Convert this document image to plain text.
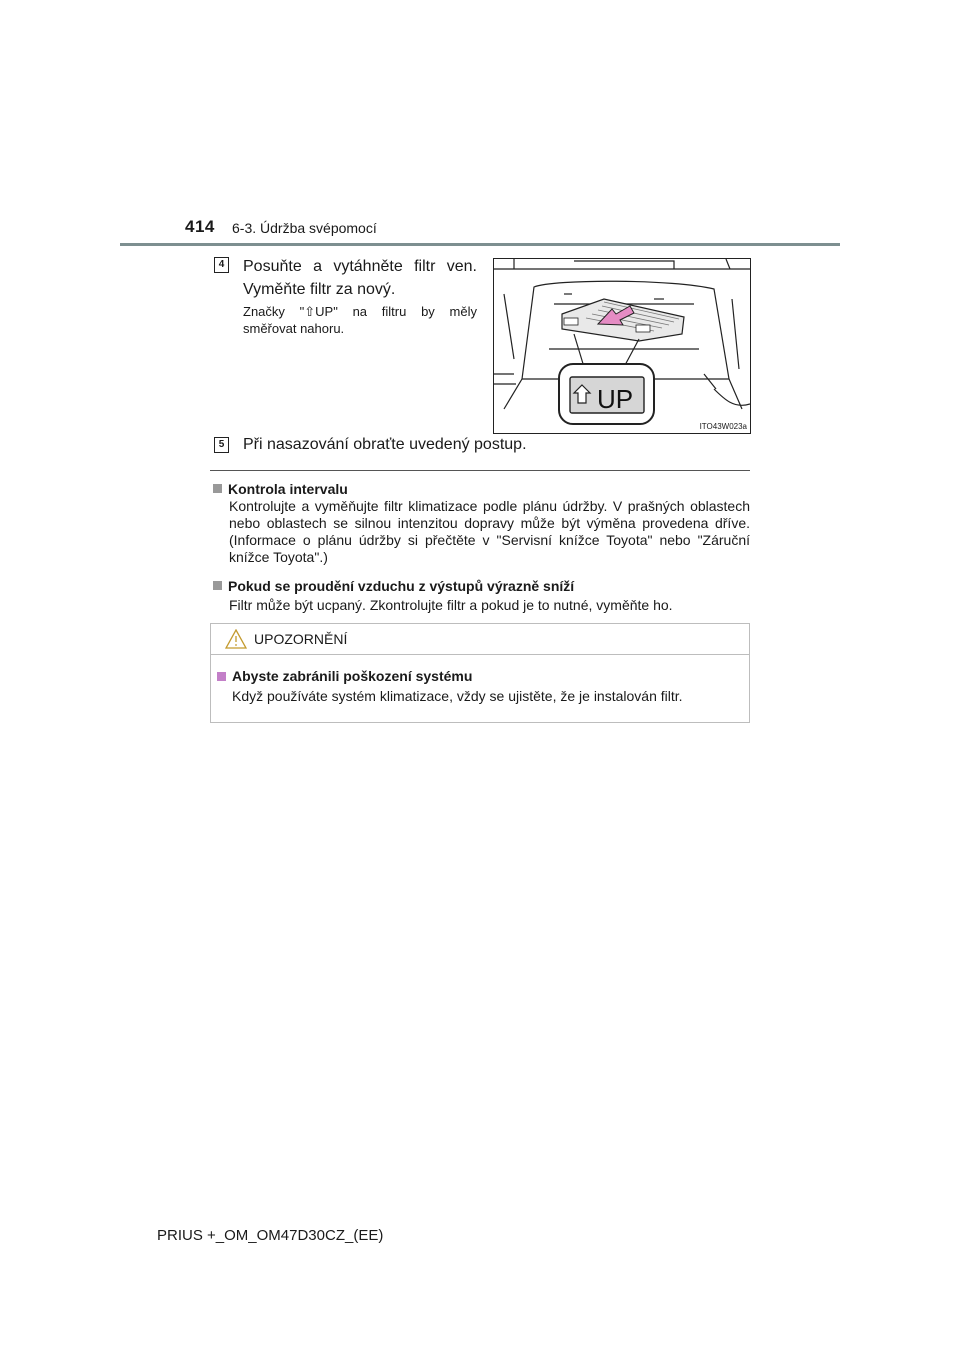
414 6-3. Údržba svépomocí
4 Posuňte a vytáhněte filtr ven. Vyměňte filtr za nový.
Značky "⇧UP" na filtru by měly směřovat nahoru.
UP
ITO43W023a
5 Při nasazování obraťte uvedený postup.
Kontrola intervalu
Kontrolujte a vyměňujte filtr klimatizace podle plánu údržby. V prašných oblastech nebo oblastech se silnou intenzitou dopravy může být výměna provedena dříve. (Informace o plánu údržby si přečtěte v "Servisní knížce Toyota" nebo "Záruční knížce Toyota".)
Pokud se proudění vzduchu z výstupů výrazně sníží
Filtr může být ucpaný. Zkontrolujte filtr a pokud je to nutné, vyměňte ho.
UPOZORNĚNÍ
Abyste zabránili poškození systému
Když používáte systém klimatizace, vždy se ujistěte, že je instalován filtr.
PRIUS +_OM_OM47D30CZ_(EE)
